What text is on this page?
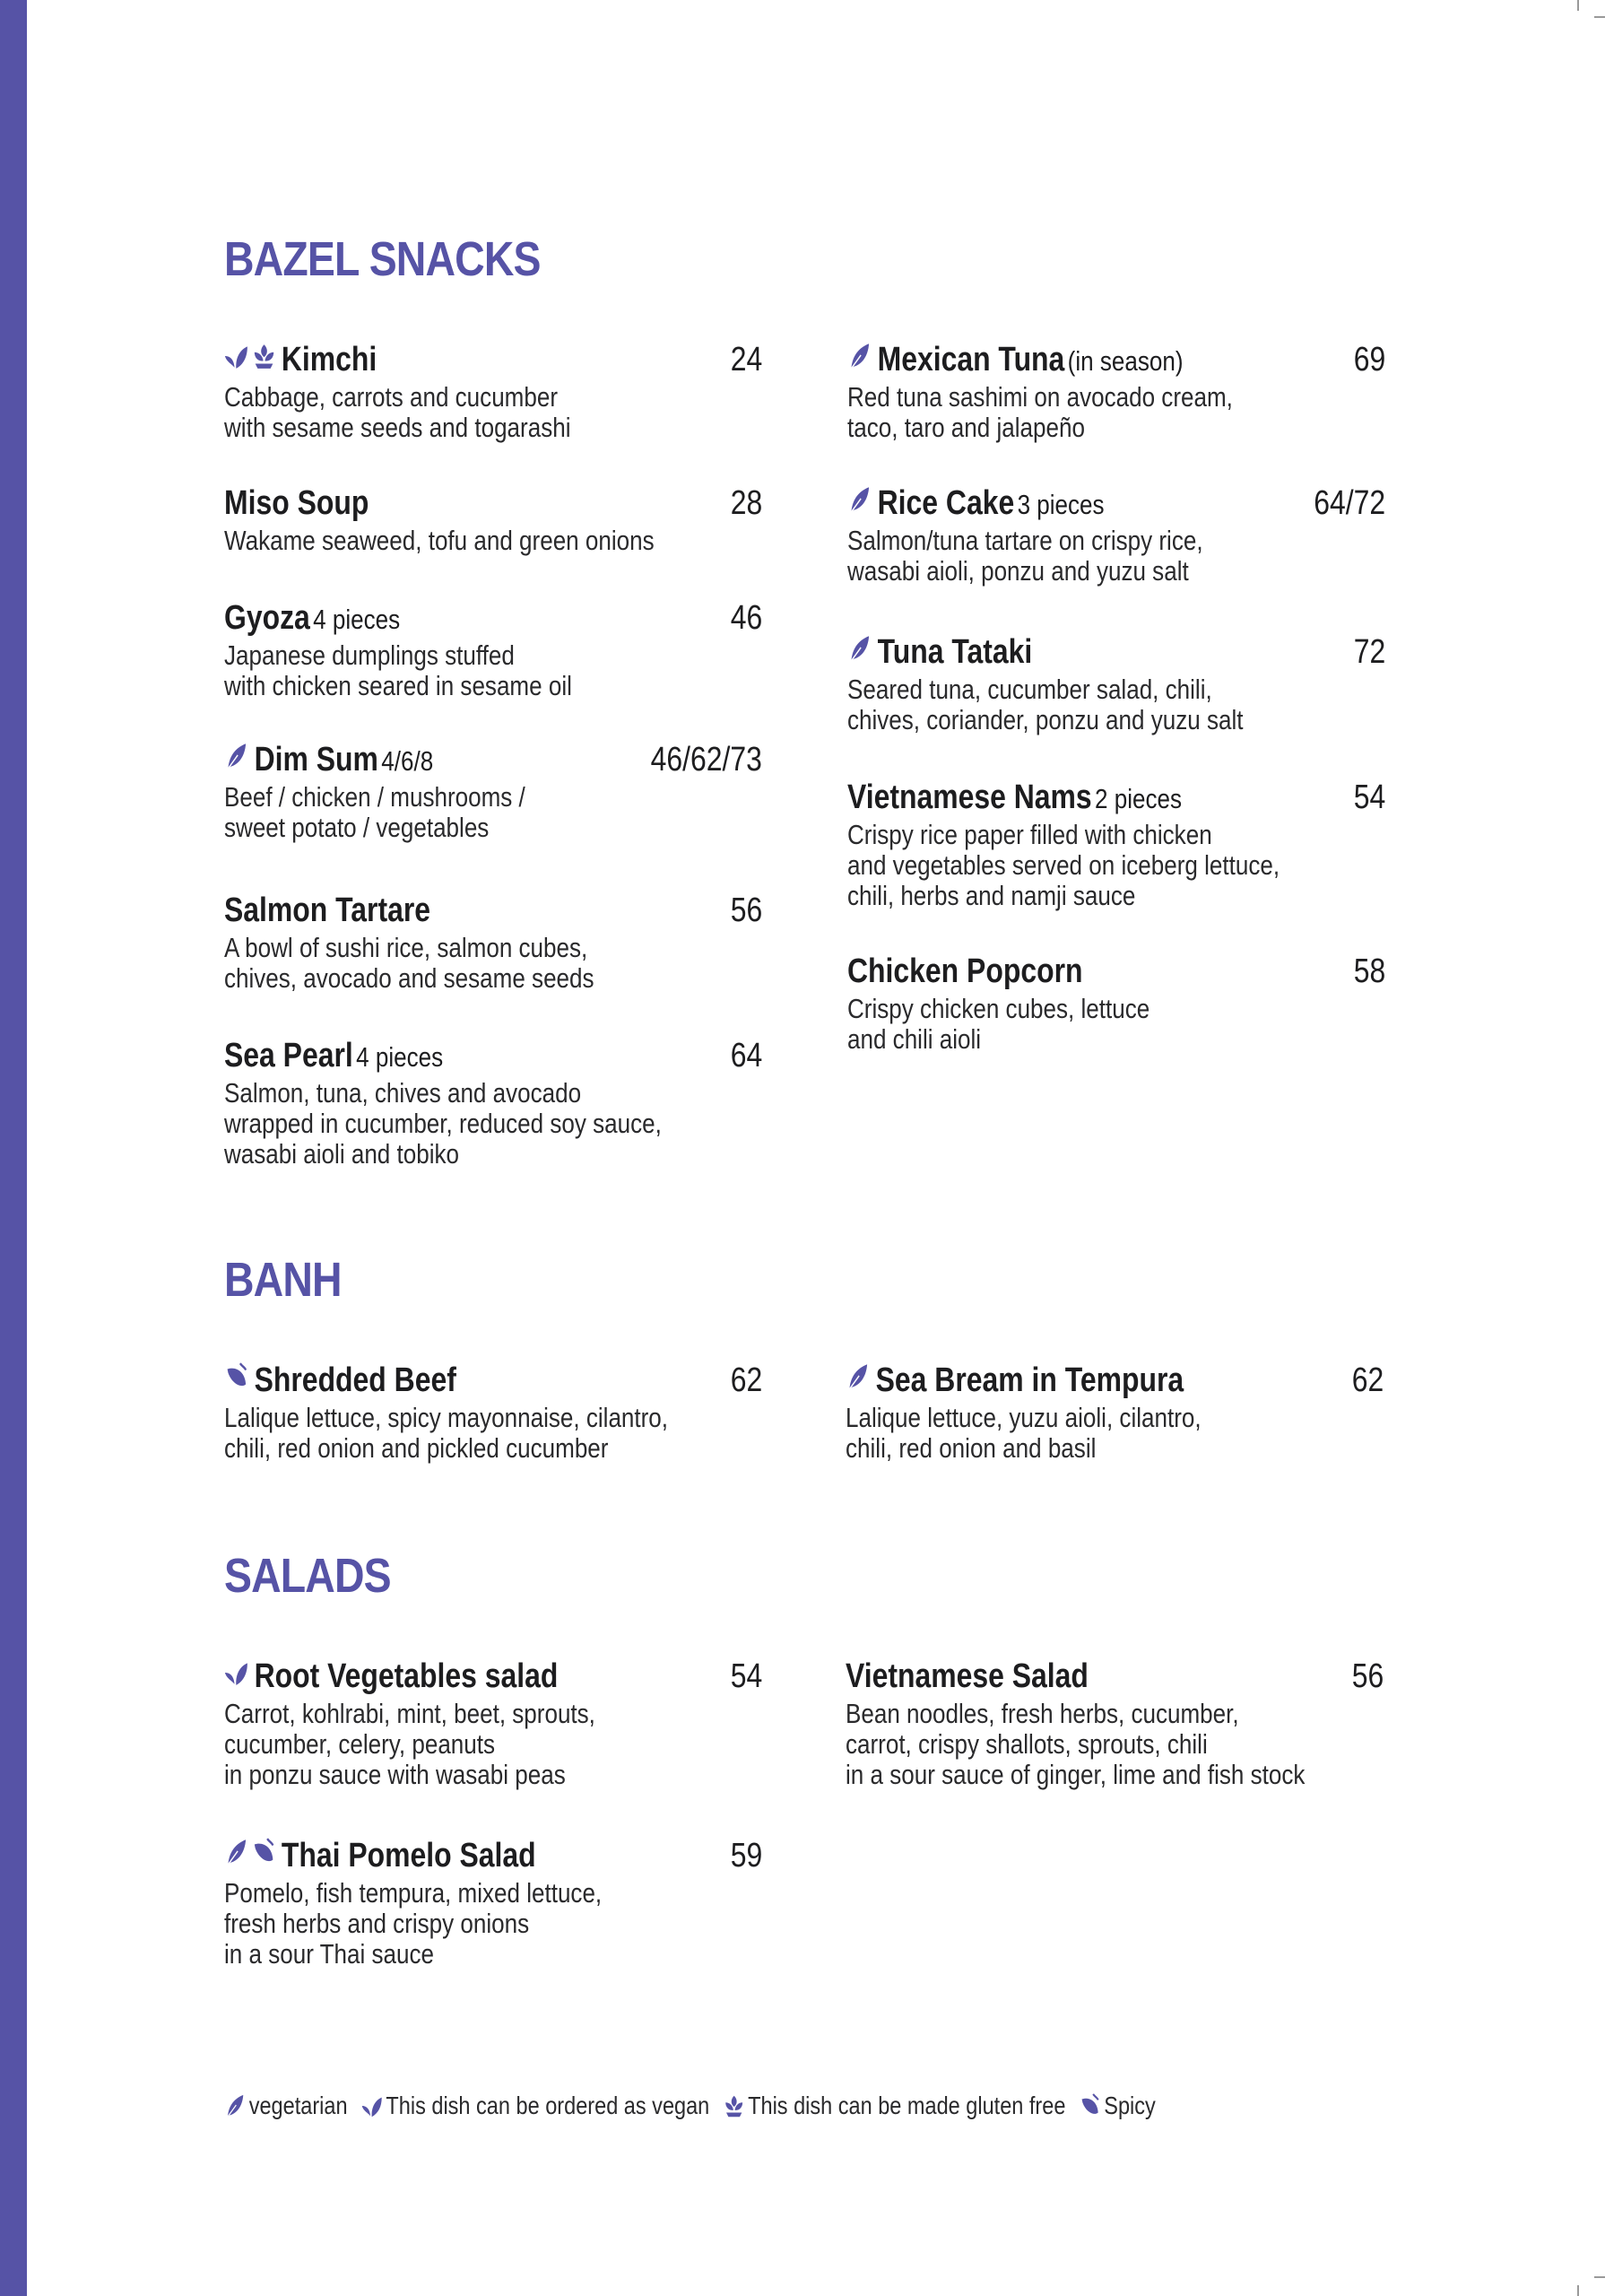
BAZEL SNACKS
Kimchi	24
Cabbage, carrots and cucumber
with sesame seeds and togarashi
Miso Soup	28
Wakame seaweed, tofu and green onions
Gyoza 4 pieces	46
Japanese dumplings stuffed
with chicken seared in sesame oil
Dim Sum 4/6/8	46/62/73
Beef / chicken / mushrooms /
sweet potato / vegetables
Salmon Tartare	56
A bowl of sushi rice, salmon cubes,
chives, avocado and sesame seeds
Sea Pearl 4 pieces	64
Salmon, tuna, chives and avocado
wrapped in cucumber, reduced soy sauce,
wasabi aioli and tobiko
Mexican Tuna (in season)	69
Red tuna sashimi on avocado cream,
taco, taro and jalapeño
Rice Cake 3 pieces	64/72
Salmon/tuna tartare on crispy rice,
wasabi aioli, ponzu and yuzu salt
Tuna Tataki	72
Seared tuna, cucumber salad, chili,
chives, coriander, ponzu and yuzu salt
Vietnamese Nams 2 pieces	54
Crispy rice paper filled with chicken
and vegetables served on iceberg lettuce,
chili, herbs and namji sauce
Chicken Popcorn	58
Crispy chicken cubes, lettuce
and chili aioli
BANH
Shredded Beef	62
Lalique lettuce, spicy mayonnaise, cilantro,
chili, red onion and pickled cucumber
Sea Bream in Tempura	62
Lalique lettuce, yuzu aioli, cilantro,
chili, red onion and basil
SALADS
Root Vegetables salad	54
Carrot, kohlrabi, mint, beet, sprouts,
cucumber, celery, peanuts
in ponzu sauce with wasabi peas
Thai Pomelo Salad	59
Pomelo, fish tempura, mixed lettuce,
fresh herbs and crispy onions
in a sour Thai sauce
Vietnamese Salad	56
Bean noodles, fresh herbs, cucumber,
carrot, crispy shallots, sprouts, chili
in a sour sauce of ginger, lime and fish stock
vegetarian This dish can be ordered as vegan This dish can be made gluten free Spicy
